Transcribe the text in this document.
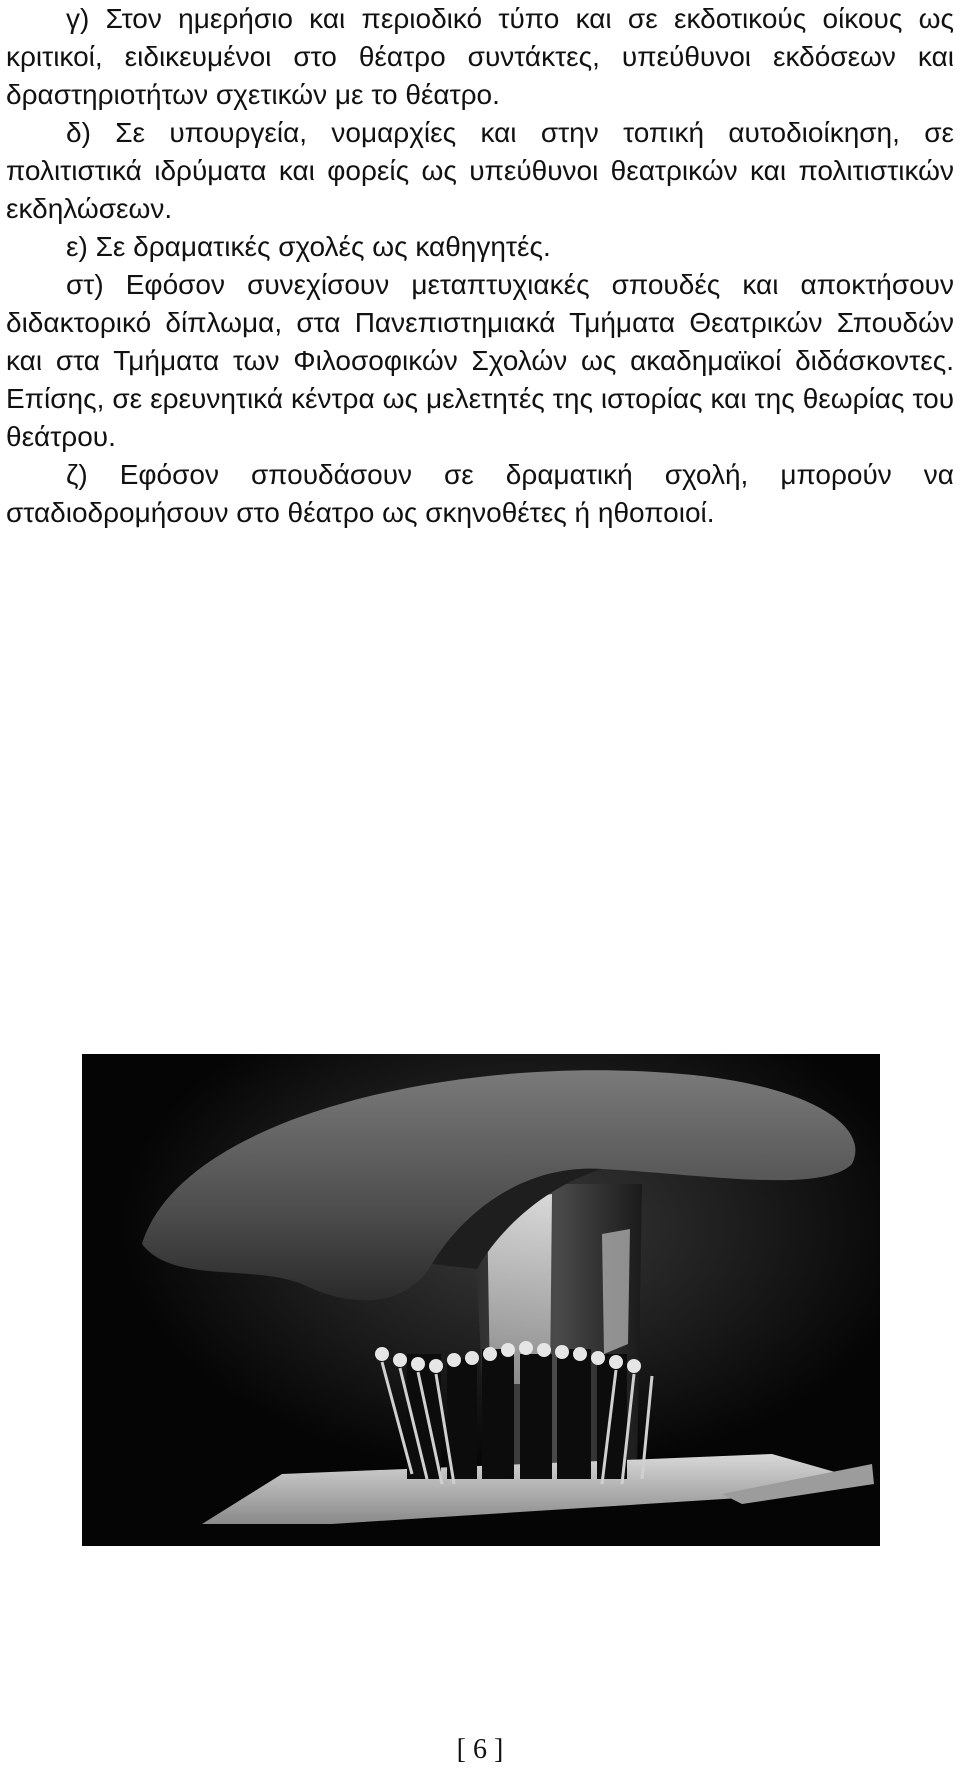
γ) Στον ημερήσιο και περιοδικό τύπο και σε εκδοτικούς οίκους ως κριτικοί, ειδικευμένοι στο θέατρο συντάκτες, υπεύθυνοι εκδόσεων και δραστηριοτήτων σχετικών με το θέατρο.

δ) Σε υπουργεία, νομαρχίες και στην τοπική αυτοδιοίκηση, σε πολιτιστικά ιδρύματα και φορείς ως υπεύθυνοι θεατρικών και πολιτιστικών εκδηλώσεων.

ε) Σε δραματικές σχολές ως καθηγητές.

στ) Εφόσον συνεχίσουν μεταπτυχιακές σπουδές και αποκτήσουν διδακτορικό δίπλωμα, στα Πανεπιστημιακά Τμήματα Θεατρικών Σπουδών και στα Τμήματα των Φιλοσοφικών Σχολών ως ακαδημαϊκοί διδάσκοντες. Επίσης, σε ερευνητικά κέντρα ως μελετητές της ιστορίας και της θεωρίας του θεάτρου.

ζ) Εφόσον σπουδάσουν σε δραματική σχολή, μπορούν να σταδιοδρομήσουν στο θέατρο ως σκηνοθέτες ή ηθοποιοί.

[ 6 ]
